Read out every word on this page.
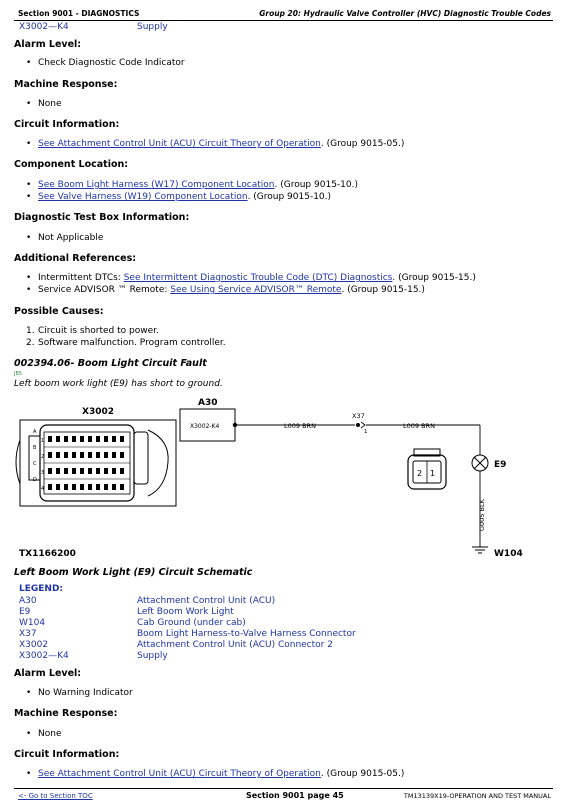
Section 9001 - DIAGNOSTICS	Group 20: Hydraulic Valve Controller (HVC) Diagnostic Trouble Codes
X3002—K4	Supply
Alarm Level:
• Check Diagnostic Code Indicator
Machine Response:
• None
Circuit Information:
• See Attachment Control Unit (ACU) Circuit Theory of Operation. (Group 9015-05.)
Component Location:
• See Boom Light Harness (W17) Component Location. (Group 9015-10.)
• See Valve Harness (W19) Component Location. (Group 9015-10.)
Diagnostic Test Box Information:
• Not Applicable
Additional References:
• Intermittent DTCs: See Intermittent Diagnostic Trouble Code (DTC) Diagnostics. (Group 9015-15.)
• Service ADVISOR ™ Remote: See Using Service ADVISOR™ Remote. (Group 9015-15.)
Possible Causes:
1. Circuit is shorted to power.
2. Software malfunction. Program controller.
002394.06- Boom Light Circuit Fault
JB5
Left boom work light (E9) has short to ground.
X3002
A
B
C
D
1
2
3
4
A30
X3002-K4	L009 BRN
X37
1
L009 BRN
E9
G005 BLK
W104
2 1
TX1166200
Left Boom Work Light (E9) Circuit Schematic
LEGEND:
A30	Attachment Control Unit (ACU)
E9	Left Boom Work Light
W104	Cab Ground (under cab)
X37	Boom Light Harness-to-Valve Harness Connector
X3002	Attachment Control Unit (ACU) Connector 2
X3002—K4	Supply
Alarm Level:
• No Warning Indicator
Machine Response:
• None
Circuit Information:
• See Attachment Control Unit (ACU) Circuit Theory of Operation. (Group 9015-05.)
<- Go to Section TOC	Section 9001 page 45	TM13139X19-OPERATION AND TEST MANUAL
